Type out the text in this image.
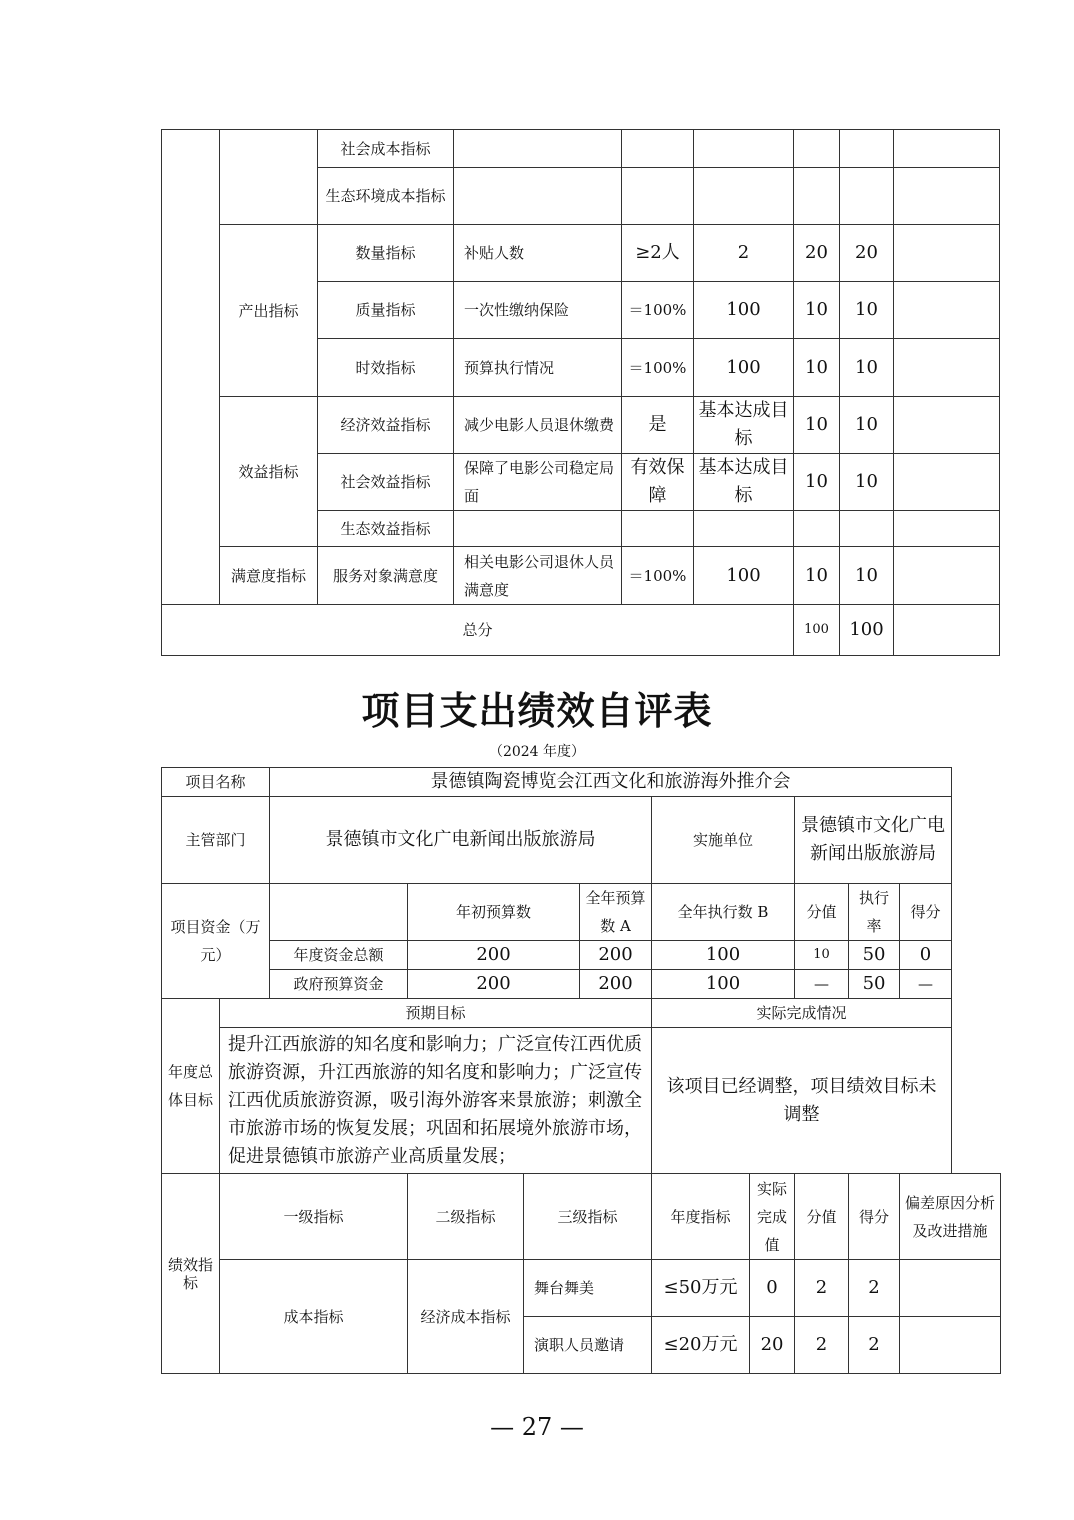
		社会成本指标						
		生态环境成本指标						
	产出指标	数量指标	补贴人数	≥2人	2	20	20	
		质量指标	一次性缴纳保险	＝100%	100	10	10	
		时效指标	预算执行情况	＝100%	100	10	10	
	效益指标	经济效益指标	减少电影人员退休缴费	是	基本达成目标	10	10	
		社会效益指标	保障了电影公司稳定局面	有效保障	基本达成目标	10	10	
		生态效益指标						
	满意度指标	服务对象满意度	相关电影公司退休人员满意度	＝100%	100	10	10	
总分						100	100	
项目支出绩效自评表
（2024 年度）
项目名称		景德镇陶瓷博览会江西文化和旅游海外推介会								
主管部门		景德镇市文化广电新闻出版旅游局				实施单位		景德镇市文化广电新闻出版旅游局		
项目资金（万元）			年初预算数		全年预算数 A	全年执行数 B		分值	执行率	得分
		年度资金总额	200		200	100		10	50	0
		政府预算资金	200		200	100		—	50	—
年度总体目标	预期目标					实际完成情况				
	提升江西旅游的知名度和影响力；广泛宣传江西优质旅游资源，升江西旅游的知名度和影响力；广泛宣传江西优质旅游资源，吸引海外游客来景旅游；刺激全市旅游市场的恢复发展；巩固和拓展境外旅游市场，促进景德镇市旅游产业高质量发展；					该项目已经调整，项目绩效目标未调整				
绩效指标	一级指标		二级指标	三级指标		年度指标	实际完成值	分值	得分	偏差原因分析及改进措施
	成本指标		经济成本指标	舞台舞美		≤50万元	0	2	2	
				演职人员邀请		≤20万元	20	2	2	
— 27 —
